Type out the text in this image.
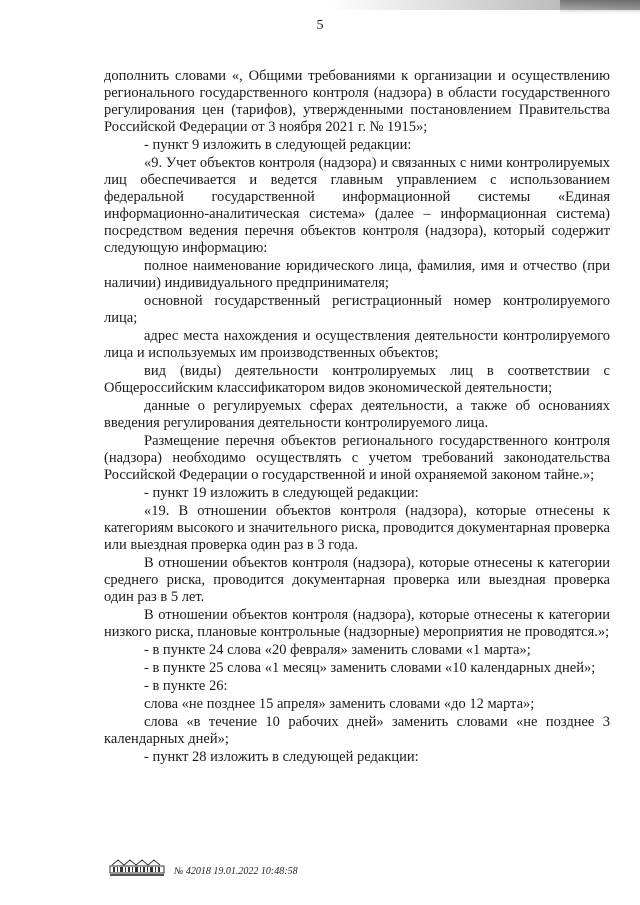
5

дополнить словами «, Общими требованиями к организации и осуществлению регионального государственного контроля (надзора) в области государственного регулирования цен (тарифов), утвержденными постановлением Правительства Российской Федерации от 3 ноября 2021 г. № 1915»;

- пункт 9 изложить в следующей редакции:

«9. Учет объектов контроля (надзора) и связанных с ними контролируемых лиц обеспечивается и ведется главным управлением с использованием федеральной государственной информационной системы «Единая информационно-аналитическая система» (далее – информационная система) посредством ведения перечня объектов контроля (надзора), который содержит следующую информацию:

полное наименование юридического лица, фамилия, имя и отчество (при наличии) индивидуального предпринимателя;

основной государственный регистрационный номер контролируемого лица;

адрес места нахождения и осуществления деятельности контролируемого лица и используемых им производственных объектов;

вид (виды) деятельности контролируемых лиц в соответствии с Общероссийским классификатором видов экономической деятельности;

данные о регулируемых сферах деятельности, а также об основаниях введения регулирования деятельности контролируемого лица.

Размещение перечня объектов регионального государственного контроля (надзора) необходимо осуществлять с учетом требований законодательства Российской Федерации о государственной и иной охраняемой законом тайне.»;

- пункт 19 изложить в следующей редакции:

«19. В отношении объектов контроля (надзора), которые отнесены к категориям высокого и значительного риска, проводится документарная проверка или выездная проверка один раз в 3 года.

В отношении объектов контроля (надзора), которые отнесены к категории среднего риска, проводится документарная проверка или выездная проверка один раз в 5 лет.

В отношении объектов контроля (надзора), которые отнесены к категории низкого риска, плановые контрольные (надзорные) мероприятия не проводятся.»;

- в пункте 24 слова «20 февраля» заменить словами «1 марта»;

- в пункте 25 слова «1 месяц» заменить словами «10 календарных дней»;

- в пункте 26:

слова «не позднее 15 апреля» заменить словами «до 12 марта»;

слова «в течение 10 рабочих дней» заменить словами «не позднее 3 календарных дней»;

- пункт 28 изложить в следующей редакции:

№ 42018 19.01.2022 10:48:58
